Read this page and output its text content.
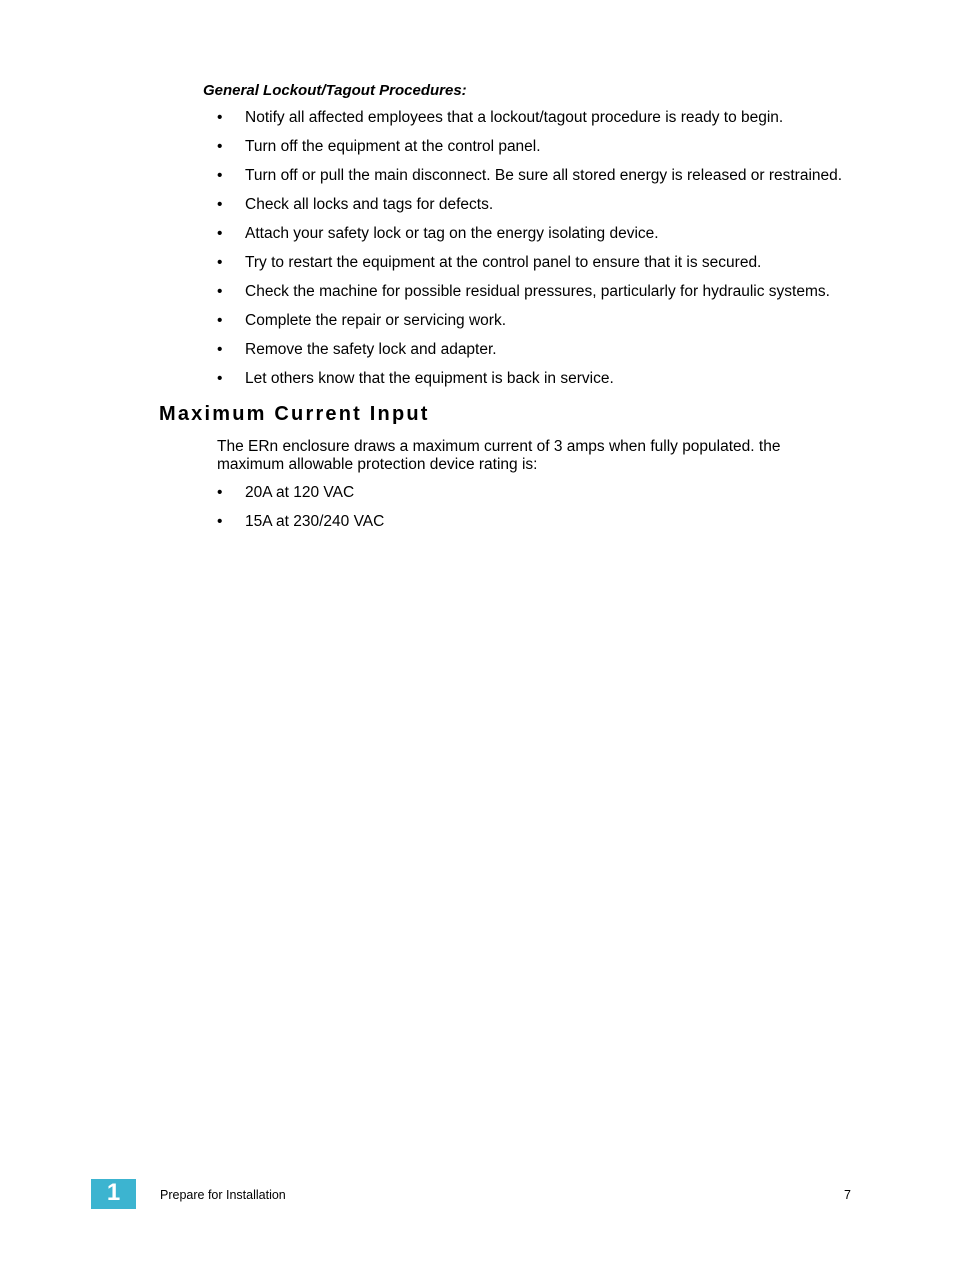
General Lockout/Tagout Procedures:

• Notify all affected employees that a lockout/tagout procedure is ready to begin.
• Turn off the equipment at the control panel.
• Turn off or pull the main disconnect. Be sure all stored energy is released or restrained.
• Check all locks and tags for defects.
• Attach your safety lock or tag on the energy isolating device.
• Try to restart the equipment at the control panel to ensure that it is secured.
• Check the machine for possible residual pressures, particularly for hydraulic systems.
• Complete the repair or servicing work.
• Remove the safety lock and adapter.
• Let others know that the equipment is back in service.
Maximum Current Input

The ERn enclosure draws a maximum current of 3 amps when fully populated. the maximum allowable protection device rating is:

• 20A at 120 VAC
• 15A at 230/240 VAC
1	Prepare for Installation	7
